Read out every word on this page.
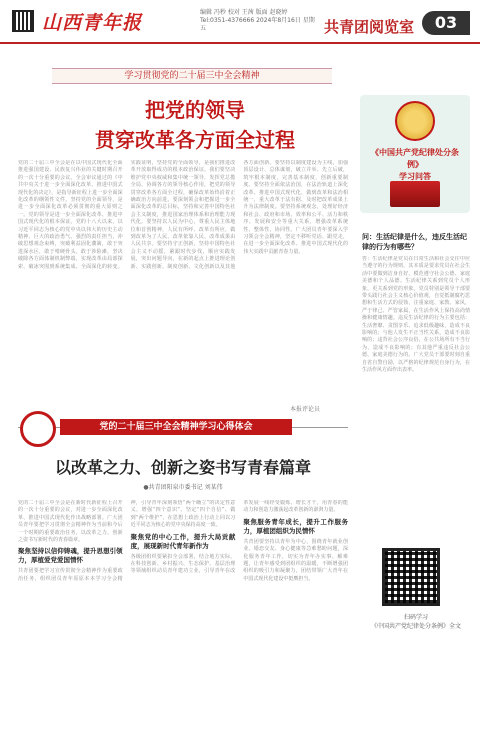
山西青年报	编辑 冯秒 校对 王茜 版面 赵晓婷
Tel:0351-4376666 2024年8月16日 星期五	共青团阅览室	03
学习贯彻党的二十届三中全会精神
把党的领导
贯穿改革各方面全过程
党的二十届三中全会是在以中国式现代化全面推进强国建设、民族复兴伟业的关键时期召开的一次十分重要的会议。全会审议通过的《中共中央关于进一步全面深化改革、推进中国式现代化的决定》，是指导新征程上进一步全面深化改革的纲领性文件。坚持党的全面领导，是进一步全面深化改革必须贯彻的重大原则之一。党的领导是进一步全面深化改革、推进中国式现代化的根本保证。党的十八大以来，以习近平同志为核心的党中央以伟大的历史主动精神、巨大的政治勇气、强烈的责任担当，冲破思想观念束缚，突破利益固化藩篱，敢于突进深水区，敢于啃硬骨头，敢于涉险滩，坚决破除各方面体制机制弊端，实现改革由局部探索、破冰突围到系统集成、全面深化的转变。实践证明，坚持党的全面领导，是我们推进改革开放取得成功的根本政治保证。我们要坚决维护党中央权威和集中统一领导，发挥党总揽全局、协调各方的领导核心作用，把党的领导贯穿改革各方面全过程，确保改革始终沿着正确政治方向前进。要深刻领会和把握进一步全面深化改革的总目标，坚持和完善中国特色社会主义制度，推进国家治理体系和治理能力现代化。要坚持以人民为中心，尊重人民主体地位和首创精神，人民有所呼、改革有所应，做到改革为了人民、改革依靠人民、改革成果由人民共享。要坚持守正创新，坚持中国特色社会主义不动摇，紧跟时代步伐，顺应实践发展，突出问题导向，在新的起点上推进理论创新、实践创新、制度创新、文化创新以及其他各方面创新。要坚持以制度建设为主线，加强顶层设计、总体谋划，破立并举、先立后破，筑牢根本制度，完善基本制度，创新重要制度。要坚持全面依法治国，在法治轨道上深化改革、推进中国式现代化，做到改革和法治相统一，重大改革于法有据、及时把改革成果上升为法律制度。要坚持系统观念，处理好经济和社会、政府和市场、效率和公平、活力和秩序、发展和安全等重大关系，增强改革系统性、整体性、协同性。广大团员青年要深入学习领会全会精神，坚定不移听党话、跟党走，在进一步全面深化改革、推进中国式现代化的伟大实践中贡献青春力量。
本报评论员
《中国共产党纪律处分条例》
学习问答
问：生活纪律是什么，违反生活纪律的行为有哪些？
答：生活纪律是党员在日常生活和社会交往中应当遵守的行为规则。其本质是要求党员在社会生活中要做到洁身自好，模范遵守社会公德、家庭美德和个人品德。生活纪律关系到党员个人形象，更关系到党的形象。党员特别是领导干部要带头践行社会主义核心价值观，自觉抵制腐朽思想和生活方式的侵蚀，注重家庭、家教、家风，严于律己、严管家属，在生活作风上保持高尚情操和健康情趣。违反生活纪律的行为主要包括：生活奢靡、贪图享乐、追求低级趣味，造成不良影响的；与他人发生不正当性关系，造成不良影响的；违背社会公序良俗，在公共场所有不当行为，造成不良影响的；有其他严重违反社会公德、家庭美德行为的。广大党员干部要时刻自重自省自警自励，以严格的纪律规范自身行为，在生活作风方面作出表率。
扫码学习
《中国共产党纪律处分条例》全文
党的二十届三中全会精神学习心得体会
以改革之力、创新之姿书写青春篇章
●共青团阳泉市委书记 刘某伟
党的二十届三中全会是在新时代新征程上召开的一次十分重要的会议，对进一步全面深化改革、推进中国式现代化作出战略部署。广大团员青年要把学习贯彻全会精神作为当前和今后一个时期的重要政治任务，以改革之力、创新之姿书写新时代的青春篇章。
聚焦坚持以信仰铸魂，提升思想引领力，厚植爱党爱国情怀
共青团要把学习宣传贯彻全会精神作为重要政治任务，组织团员青年原原本本学习全会精神，引导青年深刻领悟“两个确立”的决定性意义，增强“四个意识”、坚定“四个自信”、做到“两个维护”，在思想上政治上行动上同以习近平同志为核心的党中央保持高度一致。
聚焦党的中心工作，提升大局贡献度，展现新时代青年新作为
各级团组织要紧扣全会部署，结合地方实际，在科技创新、乡村振兴、生态保护、基层治理等领域组织动员青年建功立业，引导青年在改革发展一线经受锻炼、增长才干，用青春的能动力和创造力激荡起改革创新的澎湃力量。
聚焦服务青年成长，提升工作服务力，厚植团组织为民情怀
共青团要坚持以青年为中心，围绕青年就业创业、婚恋交友、身心健康等急难愁盼问题，深化服务青年工作，切实为青年办实事、解难题，让青年感受到团组织的温暖，不断增强团组织的吸引力和凝聚力，团结带领广大青年在中国式现代化建设中挺膺担当。
